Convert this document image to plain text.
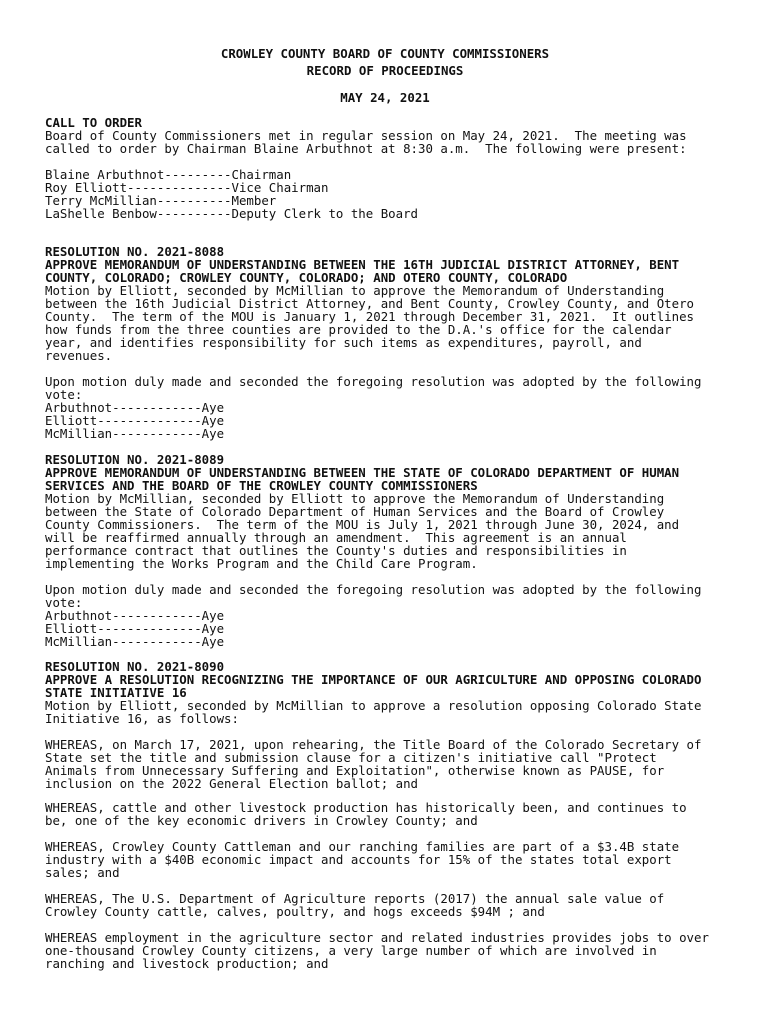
CROWLEY COUNTY BOARD OF COUNTY COMMISSIONERS
RECORD OF PROCEEDINGS
MAY 24, 2021
CALL TO ORDER
Board of County Commissioners met in regular session on May 24, 2021.  The meeting was
called to order by Chairman Blaine Arbuthnot at 8:30 a.m.  The following were present:
Blaine Arbuthnot---------Chairman
Roy Elliott--------------Vice Chairman
Terry McMillian----------Member
LaShelle Benbow----------Deputy Clerk to the Board
RESOLUTION NO. 2021-8088
APPROVE MEMORANDUM OF UNDERSTANDING BETWEEN THE 16TH JUDICIAL DISTRICT ATTORNEY, BENT
COUNTY, COLORADO; CROWLEY COUNTY, COLORADO; AND OTERO COUNTY, COLORADO
Motion by Elliott, seconded by McMillian to approve the Memorandum of Understanding
between the 16th Judicial District Attorney, and Bent County, Crowley County, and Otero
County.  The term of the MOU is January 1, 2021 through December 31, 2021.  It outlines
how funds from the three counties are provided to the D.A.'s office for the calendar
year, and identifies responsibility for such items as expenditures, payroll, and
revenues.
Upon motion duly made and seconded the foregoing resolution was adopted by the following
vote:
Arbuthnot------------Aye
Elliott--------------Aye
McMillian------------Aye
RESOLUTION NO. 2021-8089
APPROVE MEMORANDUM OF UNDERSTANDING BETWEEN THE STATE OF COLORADO DEPARTMENT OF HUMAN
SERVICES AND THE BOARD OF THE CROWLEY COUNTY COMMISSIONERS
Motion by McMillian, seconded by Elliott to approve the Memorandum of Understanding
between the State of Colorado Department of Human Services and the Board of Crowley
County Commissioners.  The term of the MOU is July 1, 2021 through June 30, 2024, and
will be reaffirmed annually through an amendment.  This agreement is an annual
performance contract that outlines the County's duties and responsibilities in
implementing the Works Program and the Child Care Program.
Upon motion duly made and seconded the foregoing resolution was adopted by the following
vote:
Arbuthnot------------Aye
Elliott--------------Aye
McMillian------------Aye
RESOLUTION NO. 2021-8090
APPROVE A RESOLUTION RECOGNIZING THE IMPORTANCE OF OUR AGRICULTURE AND OPPOSING COLORADO
STATE INITIATIVE 16
Motion by Elliott, seconded by McMillian to approve a resolution opposing Colorado State
Initiative 16, as follows:
WHEREAS, on March 17, 2021, upon rehearing, the Title Board of the Colorado Secretary of
State set the title and submission clause for a citizen's initiative call "Protect
Animals from Unnecessary Suffering and Exploitation", otherwise known as PAUSE, for
inclusion on the 2022 General Election ballot; and
WHEREAS, cattle and other livestock production has historically been, and continues to
be, one of the key economic drivers in Crowley County; and
WHEREAS, Crowley County Cattleman and our ranching families are part of a $3.4B state
industry with a $40B economic impact and accounts for 15% of the states total export
sales; and
WHEREAS, The U.S. Department of Agriculture reports (2017) the annual sale value of
Crowley County cattle, calves, poultry, and hogs exceeds $94M ; and
WHEREAS employment in the agriculture sector and related industries provides jobs to over
one-thousand Crowley County citizens, a very large number of which are involved in
ranching and livestock production; and
